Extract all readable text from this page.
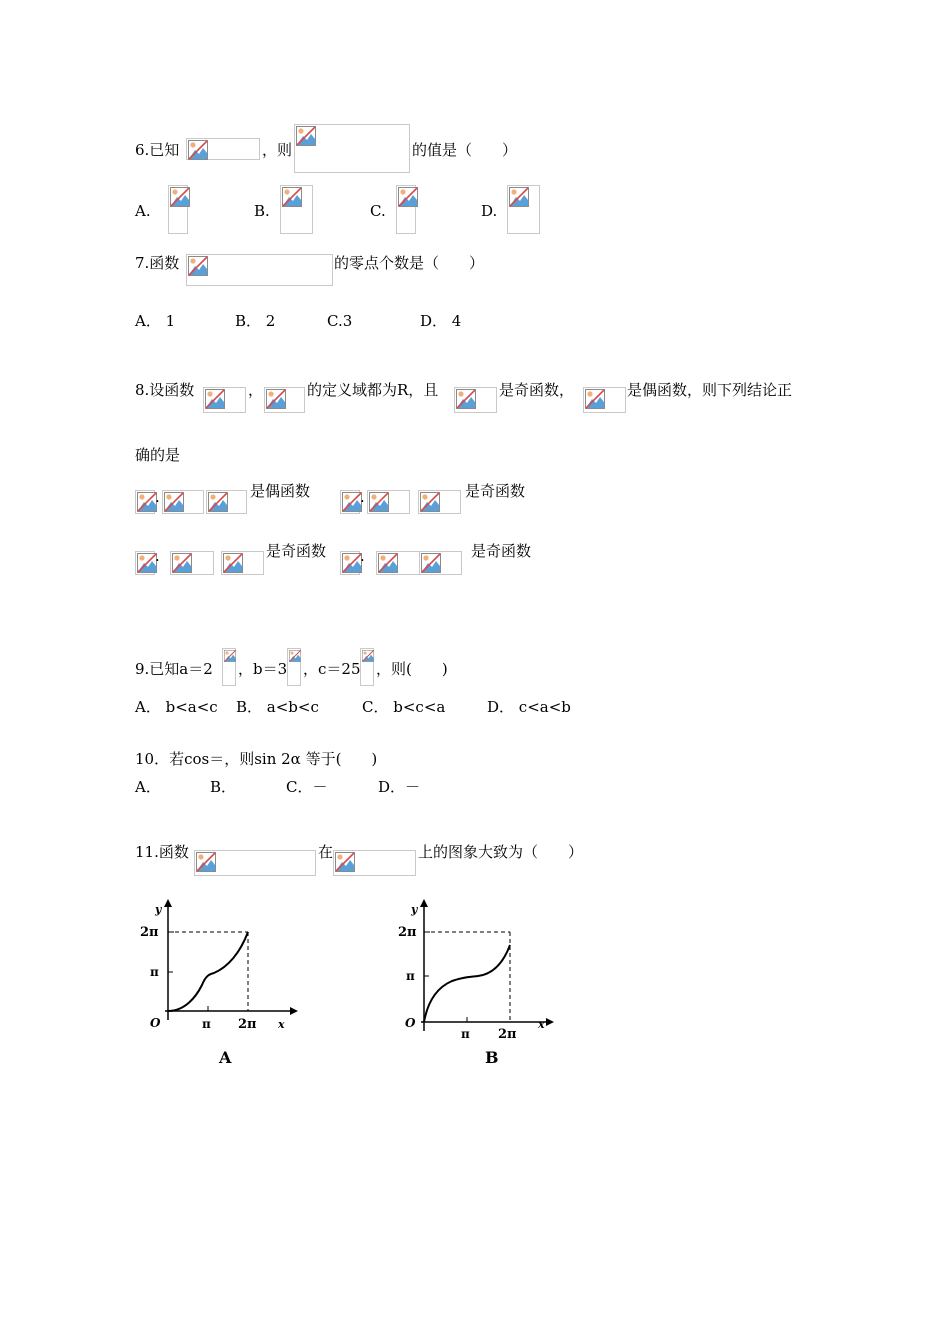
6.已知	，则	的值是（　　）
A.	B.	C.	D.
7.函数	的零点个数是（　　）
A． 1	B． 2	C.3	D． 4
8.设函数	，	的定义域都为R，且	是奇函数，	是偶函数，则下列结论正
确的是
.	是偶函数	.	是奇函数
.	是奇函数 .	是奇函数
9.已知a＝2 ，b＝3 ，c＝25 ，则(　　)
A． b<a<c B． a<b<c	C． b<c<a	D． c<a<b
10．若cos＝，则sin 2α 等于(　　)
A．	B．	C．－	D．－
11.函数	在	上的图象大致为（　　）
y
2π
π
O	π 2π x
A
y
2π
π
O
π 2π
x
B
